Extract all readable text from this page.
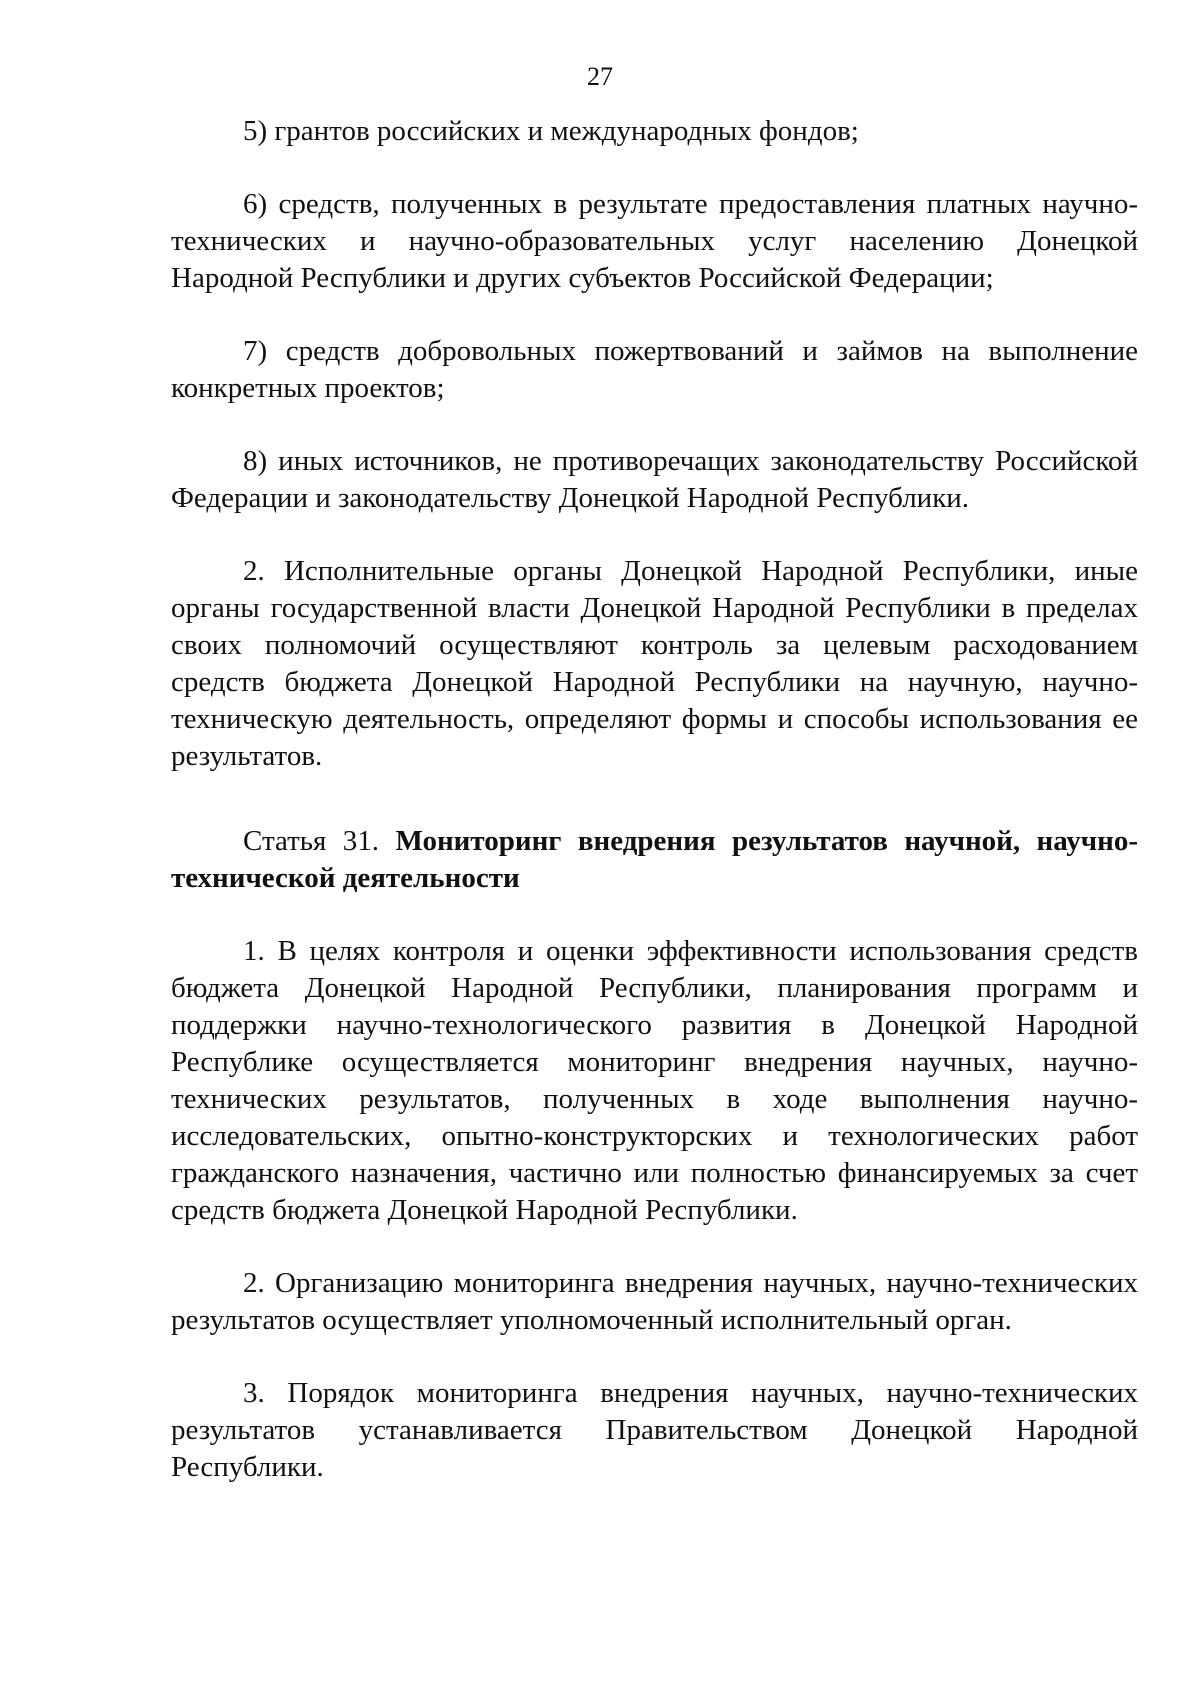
27

5) грантов российских и международных фондов;

6) средств, полученных в результате предоставления платных научно-технических и научно-образовательных услуг населению Донецкой Народной Республики и других субъектов Российской Федерации;

7) средств добровольных пожертвований и займов на выполнение конкретных проектов;

8) иных источников, не противоречащих законодательству Российской Федерации и законодательству Донецкой Народной Республики.

2. Исполнительные органы Донецкой Народной Республики, иные органы государственной власти Донецкой Народной Республики в пределах своих полномочий осуществляют контроль за целевым расходованием средств бюджета Донецкой Народной Республики на научную, научно-техническую деятельность, определяют формы и способы использования ее результатов.

Статья 31. Мониторинг внедрения результатов научной, научно-технической деятельности

1. В целях контроля и оценки эффективности использования средств бюджета Донецкой Народной Республики, планирования программ и поддержки научно-технологического развития в Донецкой Народной Республике осуществляется мониторинг внедрения научных, научно-технических результатов, полученных в ходе выполнения научно-исследовательских, опытно-конструкторских и технологических работ гражданского назначения, частично или полностью финансируемых за счет средств бюджета Донецкой Народной Республики.

2. Организацию мониторинга внедрения научных, научно-технических результатов осуществляет уполномоченный исполнительный орган.

3. Порядок мониторинга внедрения научных, научно-технических результатов устанавливается Правительством Донецкой Народной Республики.
